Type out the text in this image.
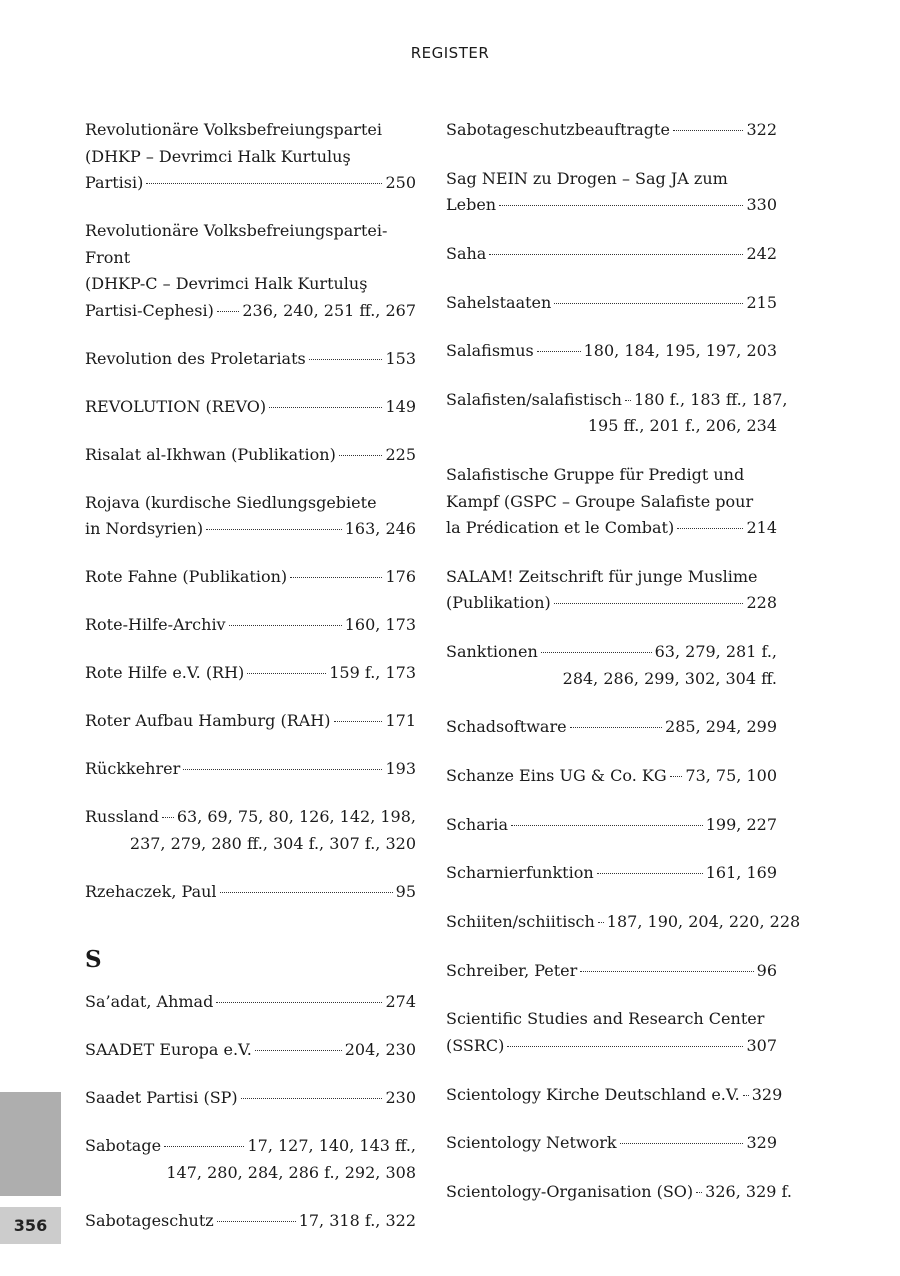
REGISTER
Revolutionäre Volksbefreiungspartei
(DHKP – Devrimci Halk Kurtuluş
Partisi)	250
Revolutionäre Volksbefreiungspartei-Front
(DHKP-C – Devrimci Halk Kurtuluş
Partisi-Cephesi) 236, 240, 251 ff., 267
Revolution des Proletariats	153
REVOLUTION (REVO)	149
Risalat al-Ikhwan (Publikation)	225
Rojava (kurdische Siedlungsgebiete
in Nordsyrien)	163, 246
Rote Fahne (Publikation)	176
Rote-Hilfe-Archiv	160, 173
Rote Hilfe e.V. (RH)	159 f., 173
Roter Aufbau Hamburg (RAH)	171
Rückkehrer	193
Russland 63, 69, 75, 80, 126, 142, 198,
237, 279, 280 ff., 304 f., 307 f., 320
Rzehaczek, Paul	95
S
Sa’adat, Ahmad	274
SAADET Europa e.V.	204, 230
Saadet Partisi (SP)	230
Sabotage	17, 127, 140, 143 ff.,
147, 280, 284, 286 f., 292, 308
Sabotageschutz	17, 318 f., 322
Sabotageschutzbeauftragte	322
Sag NEIN zu Drogen – Sag JA zum
Leben	330
Saha	242
Sahelstaaten	215
Salafismus	180, 184, 195, 197, 203
Salafisten/salafistisch 180 f., 183 ff., 187,
195 ff., 201 f., 206, 234
Salafistische Gruppe für Predigt und
Kampf (GSPC – Groupe Salafiste pour
la Prédication et le Combat)	214
SALAM! Zeitschrift für junge Muslime
(Publikation)	228
Sanktionen	63, 279, 281 f.,
284, 286, 299, 302, 304 ff.
Schadsoftware	285, 294, 299
Schanze Eins UG & Co. KG 73, 75, 100
Scharia	199, 227
Scharnierfunktion	161, 169
Schiiten/schiitisch 187, 190, 204, 220, 228
Schreiber, Peter	96
Scientific Studies and Research Center
(SSRC)	307
Scientology Kirche Deutschland e.V. 329
Scientology Network	329
Scientology-Organisation (SO) 326, 329 f.
356
